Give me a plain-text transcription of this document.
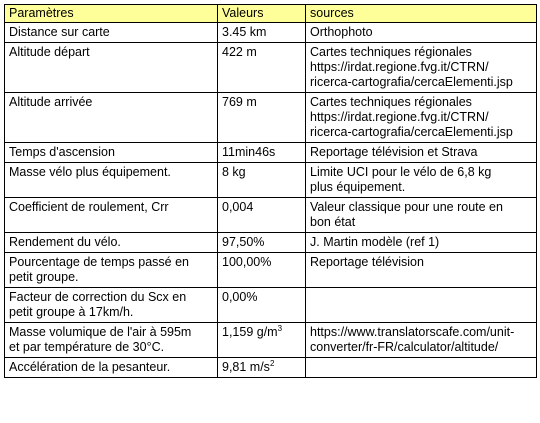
Paramètres	Valeurs	sources

Distance sur carte	3.45 km	Orthophoto

Altitude départ	422 m	Cartes techniques régionales
https://irdat.regione.fvg.it/CTRN/
ricerca-cartografia/cercaElementi.jsp

Altitude arrivée	769 m	Cartes techniques régionales
https://irdat.regione.fvg.it/CTRN/
ricerca-cartografia/cercaElementi.jsp

Temps d'ascension	11min46s	Reportage télévision et Strava

Masse vélo plus équipement.	8 kg	Limite UCI pour le vélo de 6,8 kg
plus équipement.

Coefficient de roulement, Crr	0,004	Valeur classique pour une route en
bon état

Rendement du vélo.	97,50%	J. Martin modèle (ref 1)

Pourcentage de temps passé en
petit groupe.	100,00%	Reportage télévision

Facteur de correction du Scx en
petit groupe à 17km/h.	0,00%	

Masse volumique de l'air à 595m
et par température de 30°C.	1,159 $g/m^3$	https://www.translatorscafe.com/unit-
converter/fr-FR/calculator/altitude/

Accélération de la pesanteur.	9,81 $m/s^2$	
